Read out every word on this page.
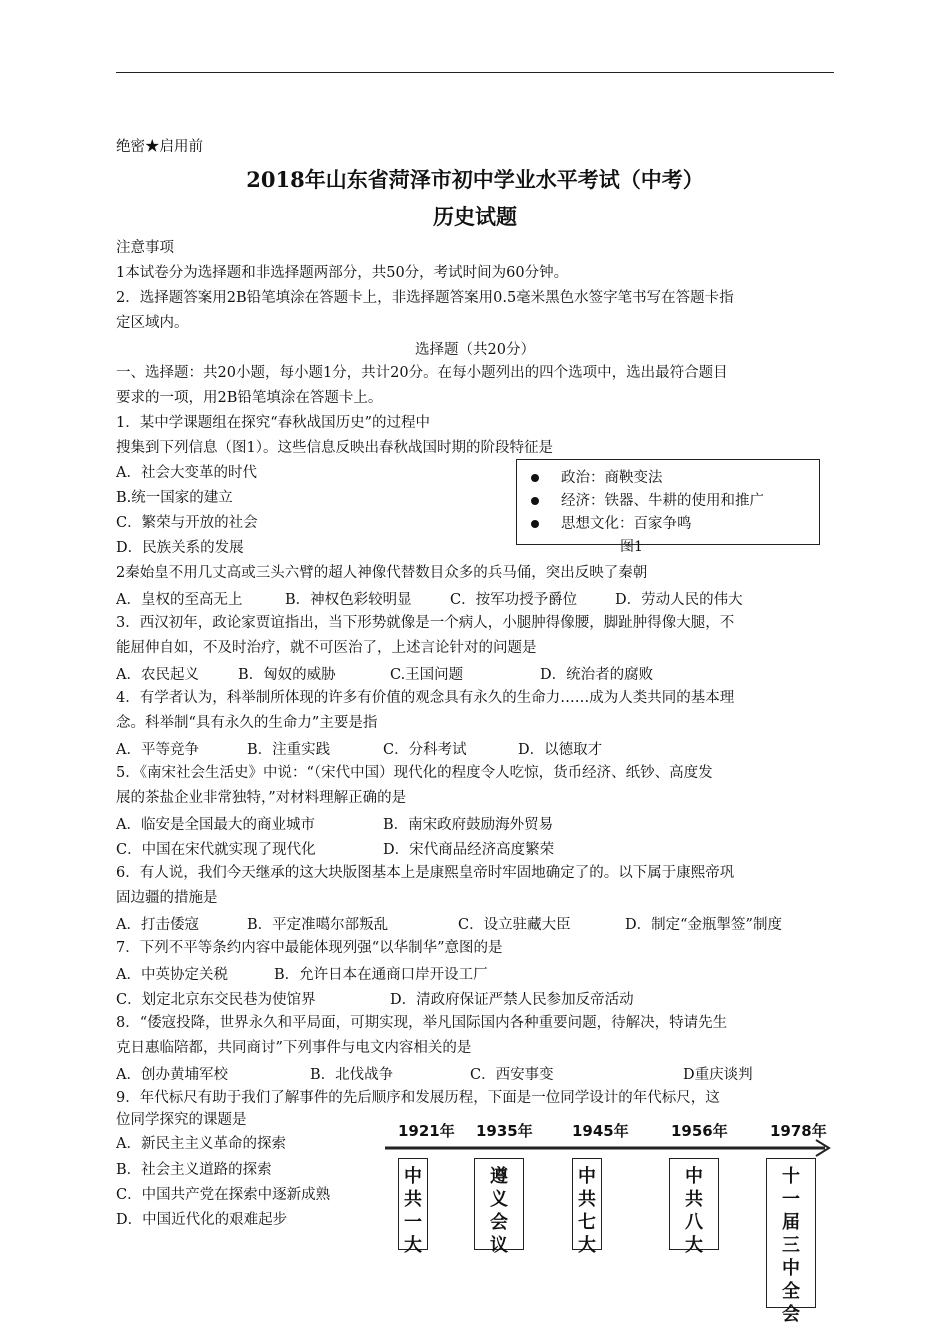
绝密★启用前
2018年山东省菏泽市初中学业水平考试（中考）
历史试题
注意事项
1本试卷分为选择题和非选择题两部分，共50分，考试时间为60分钟。
2．选择题答案用2B铅笔填涂在答题卡上，非选择题答案用0.5毫米黑色水签字笔书写在答题卡指
定区域内。
选择题（共20分）
一、选择题：共20小题，每小题1分，共计20分。在每小题列出的四个选项中，选出最符合题目
要求的一项，用2B铅笔填涂在答题卡上。
1．某中学课题组在探究“春秋战国历史”的过程中
搜集到下列信息（图1）。这些信息反映出春秋战国时期的阶段特征是
A．社会大变革的时代
B.统一国家的建立
C．繁荣与开放的社会
D．民族关系的发展
政治：商鞅变法
经济：铁器、牛耕的使用和推广
思想文化：百家争鸣
图1
2秦始皇不用几丈高或三头六臂的超人神像代替数目众多的兵马俑，突出反映了秦朝
A．皇权的至高无上	B．神权色彩较明显	C．按军功授予爵位	D．劳动人民的伟大
3．西汉初年，政论家贾谊指出，当下形势就像是一个病人，小腿肿得像腰，脚趾肿得像大腿，不
能屈伸自如，不及时治疗，就不可医治了，上述言论针对的问题是
A．农民起义	B．匈奴的威胁	C.王国问题	D．统治者的腐败
4．有学者认为，科举制所体现的许多有价值的观念具有永久的生命力……成为人类共同的基本理
念。科举制“具有永久的生命力”主要是指
A．平等竞争	B．注重实践	C．分科考试	D．以德取才
5．《南宋社会生活史》中说：“（宋代中国）现代化的程度令人吃惊，货币经济、纸钞、高度发
展的茶盐企业非常独特，”对材料理解正确的是
A．临安是全国最大的商业城市	B．南宋政府鼓励海外贸易
C．中国在宋代就实现了现代化	D．宋代商品经济高度繁荣
6．有人说，我们今天继承的这大块版图基本上是康熙皇帝时牢固地确定了的。以下属于康熙帝巩
固边疆的措施是
A．打击倭寇	B．平定准噶尔部叛乱	C．设立驻藏大臣	D．制定“金瓶掣签”制度
7．下列不平等条约内容中最能体现列强“以华制华”意图的是
A．中英协定关税	B．允许日本在通商口岸开设工厂
C．划定北京东交民巷为使馆界	D．清政府保证严禁人民参加反帝活动
8．“倭寇投降，世界永久和平局面，可期实现，举凡国际国内各种重要问题，待解决，特请先生
克日惠临陪都，共同商讨”下列事件与电文内容相关的是
A．创办黄埔军校	B．北伐战争	C．西安事变	D重庆谈判
9．年代标尺有助于我们了解事件的先后顺序和发展历程，下面是一位同学设计的年代标尺，这
位同学探究的课题是
A．新民主主义革命的探索
B．社会主义道路的探索
C．中国共产党在探索中逐新成熟
D．中国近代化的艰难起步
1921年 1935年	1945年	1956年	1978年
中
共
一
大
遵
义
会
议
中
共
七
大
中
共
八
大
十
一
届
三
中
全
会
